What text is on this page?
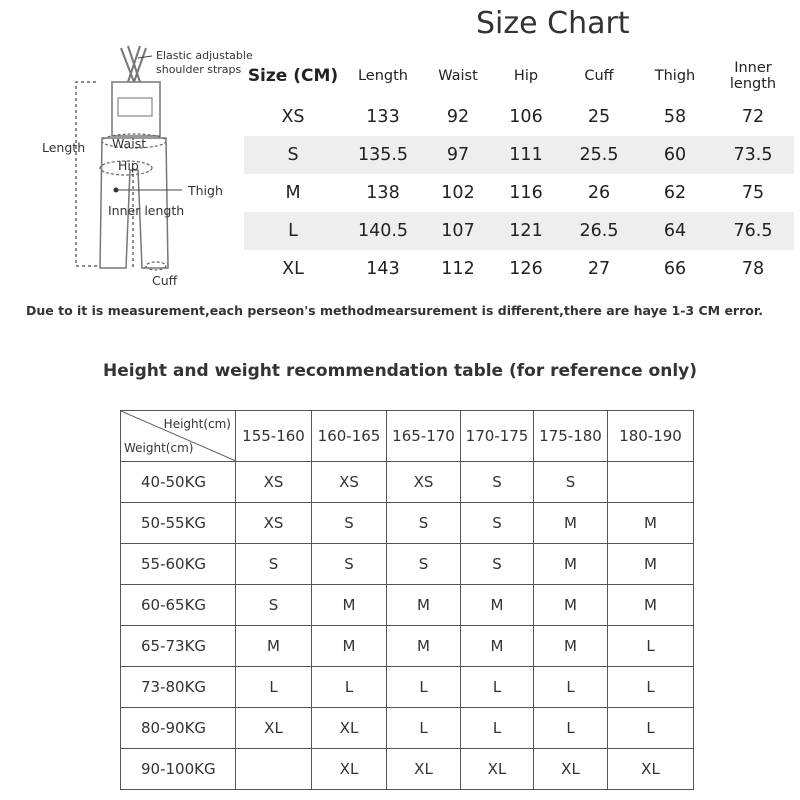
Size Chart
Elastic adjustable
shoulder straps
Length Waist
Hip
Thigh
Inner length
Cuff
Size (CM)	Length	Waist	Hip	Cuff	Thigh	Inner length
XS	133	92	106	25	58	72
S	135.5	97	111	25.5	60	73.5
M	138	102	116	26	62	75
L	140.5	107	121	26.5	64	76.5
XL	143	112	126	27	66	78
Due to it is measurement,each perseon's methodmearsurement is different,there are haye 1-3 CM error.
Height and weight recommendation table (for reference only)
Height(cm)
Weight(cm)	155-160	160-165	165-170	170-175	175-180	180-190
40-50KG	XS	XS	XS	S	S	
50-55KG	XS	S	S	S	M	M
55-60KG	S	S	S	S	M	M
60-65KG	S	M	M	M	M	M
65-73KG	M	M	M	M	M	L
73-80KG	L	L	L	L	L	L
80-90KG	XL	XL	L	L	L	L
90-100KG		XL	XL	XL	XL	XL
